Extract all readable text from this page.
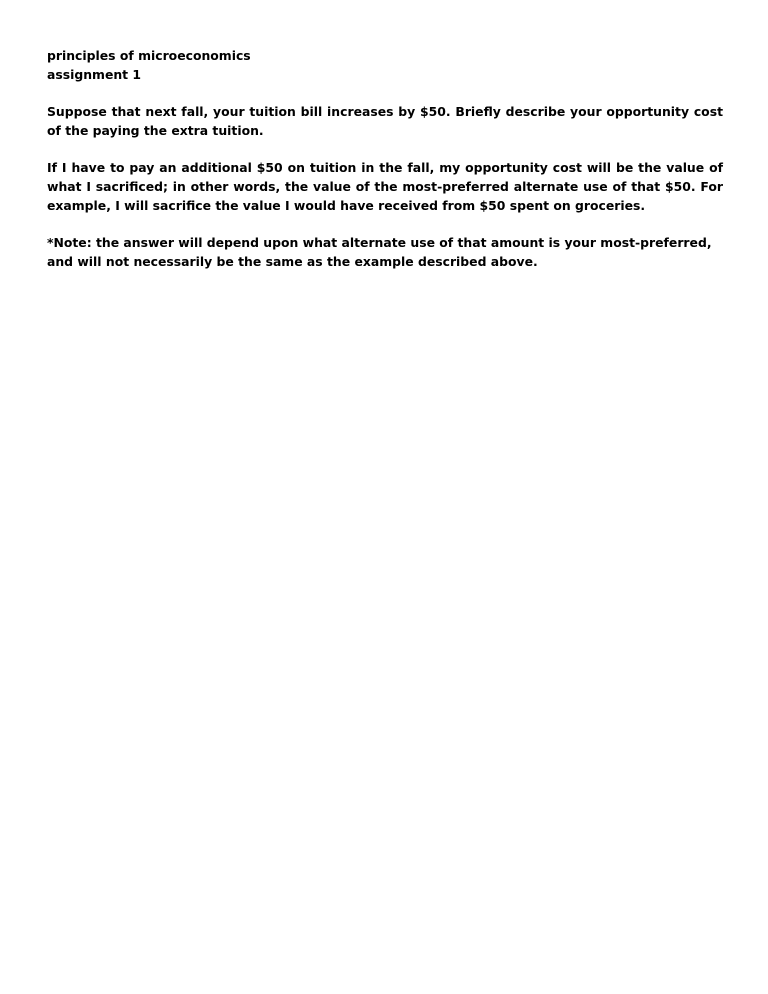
principles of microeconomics
assignment 1

Suppose that next fall, your tuition bill increases by $50. Briefly describe your opportunity cost of the paying the extra tuition.

If I have to pay an additional $50 on tuition in the fall, my opportunity cost will be the value of what I sacrificed; in other words, the value of the most-preferred alternate use of that $50. For example, I will sacrifice the value I would have received from $50 spent on groceries.

*Note: the answer will depend upon what alternate use of that amount is your most-preferred, and will not necessarily be the same as the example described above.
